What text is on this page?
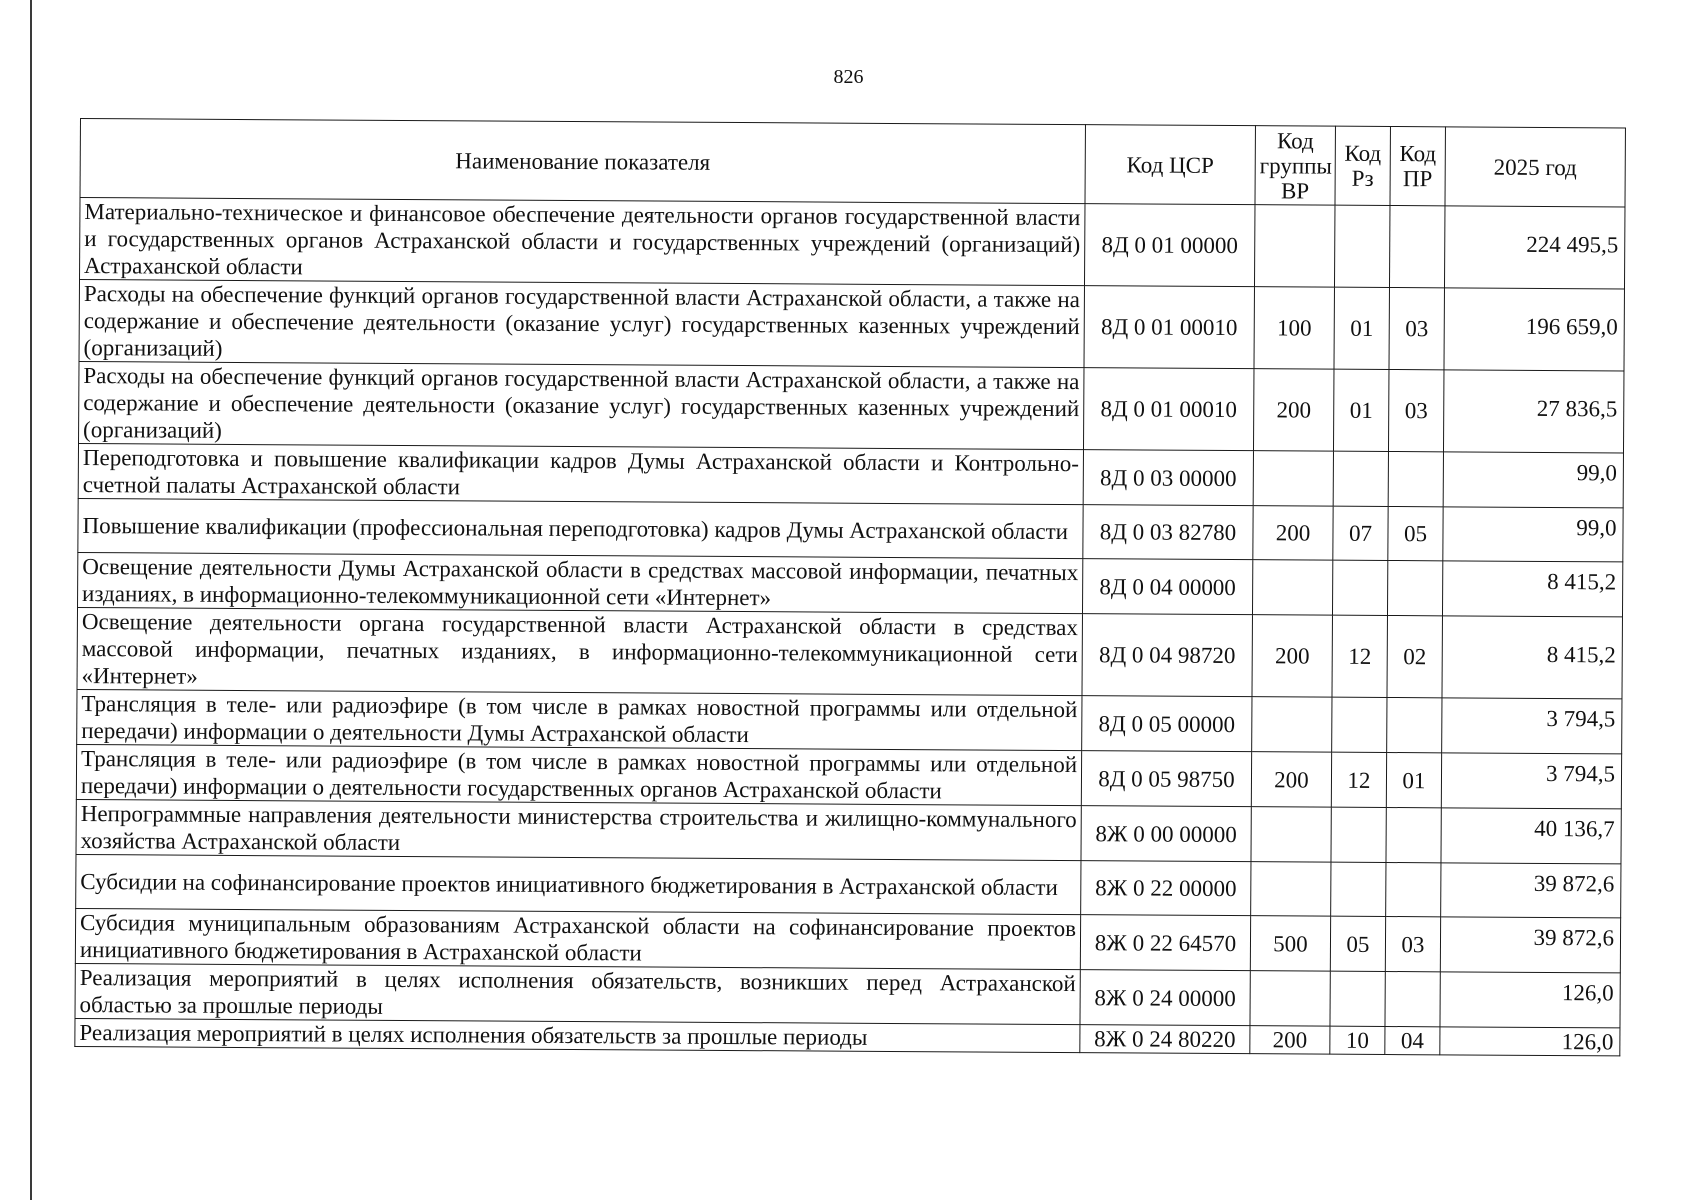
826
Наименование показателя	Код ЦСР	Код группы ВР	Код Рз	Код ПР	2025 год
Материально-техническое и финансовое обеспечение деятельности органов государственной власти и государственных органов Астраханской области и государственных учреждений (организаций) Астраханской области	8Д 0 01 00000				224 495,5
Расходы на обеспечение функций органов государственной власти Астраханской области, а также на содержание и обеспечение деятельности (оказание услуг) государственных казенных учреждений (организаций)	8Д 0 01 00010	100	01	03	196 659,0
Расходы на обеспечение функций органов государственной власти Астраханской области, а также на содержание и обеспечение деятельности (оказание услуг) государственных казенных учреждений (организаций)	8Д 0 01 00010	200	01	03	27 836,5
Переподготовка и повышение квалификации кадров Думы Астраханской области и Контрольно-счетной палаты Астраханской области	8Д 0 03 00000				99,0
Повышение квалификации (профессиональная переподготовка) кадров Думы Астраханской области	8Д 0 03 82780	200	07	05	99,0
Освещение деятельности Думы Астраханской области в средствах массовой информации, печатных изданиях, в информационно-телекоммуникационной сети «Интернет»	8Д 0 04 00000				8 415,2
Освещение деятельности органа государственной власти Астраханской области в средствах массовой информации, печатных изданиях, в информационно-телекоммуникационной сети «Интернет»	8Д 0 04 98720	200	12	02	8 415,2
Трансляция в теле- или радиоэфире (в том числе в рамках новостной программы или отдельной передачи) информации о деятельности Думы Астраханской области	8Д 0 05 00000				3 794,5
Трансляция в теле- или радиоэфире (в том числе в рамках новостной программы или отдельной передачи) информации о деятельности государственных органов Астраханской области	8Д 0 05 98750	200	12	01	3 794,5
Непрограммные направления деятельности министерства строительства и жилищно-коммунального хозяйства Астраханской области	8Ж 0 00 00000				40 136,7
Субсидии на софинансирование проектов инициативного бюджетирования в Астраханской области	8Ж 0 22 00000				39 872,6
Субсидия муниципальным образованиям Астраханской области на софинансирование проектов инициативного бюджетирования в Астраханской области	8Ж 0 22 64570	500	05	03	39 872,6
Реализация мероприятий в целях исполнения обязательств, возникших перед Астраханской областью за прошлые периоды	8Ж 0 24 00000				126,0
Реализация мероприятий в целях исполнения обязательств за прошлые периоды	8Ж 0 24 80220	200	10	04	126,0
